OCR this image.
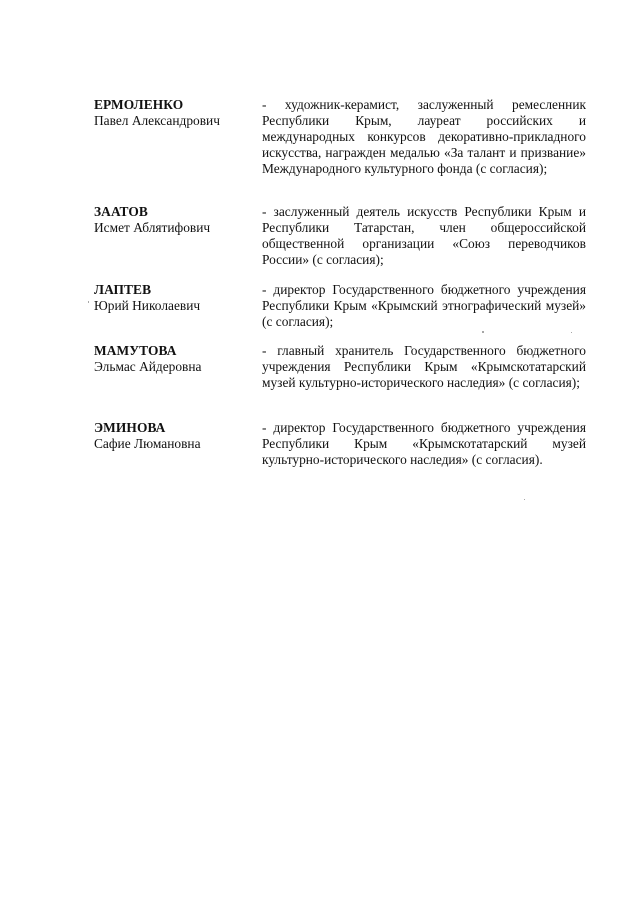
ЕРМОЛЕНКО
Павел Александрович
- художник-керамист, заслуженный ремесленник Республики Крым, лауреат российских и международных конкурсов декоративно-прикладного искусства, награжден медалью «За талант и призвание» Международного культурного фонда (с согласия);
ЗААТОВ
Исмет Аблятифович
- заслуженный деятель искусств Республики Крым и Республики Татарстан, член общероссийской общественной организации «Союз переводчиков России» (с согласия);
ЛАПТЕВ
Юрий Николаевич
- директор Государственного бюджетного учреждения Республики Крым «Крымский этнографический музей» (с согласия);
МАМУТОВА
Эльмас Айдеровна
- главный хранитель Государственного бюджетного учреждения Республики Крым «Крымскотатарский музей культурно-исторического наследия» (с согласия);
ЭМИНОВА
Сафие Люмановна
- директор Государственного бюджетного учреждения Республики Крым «Крымскотатарский музей культурно-исторического наследия» (с согласия).
